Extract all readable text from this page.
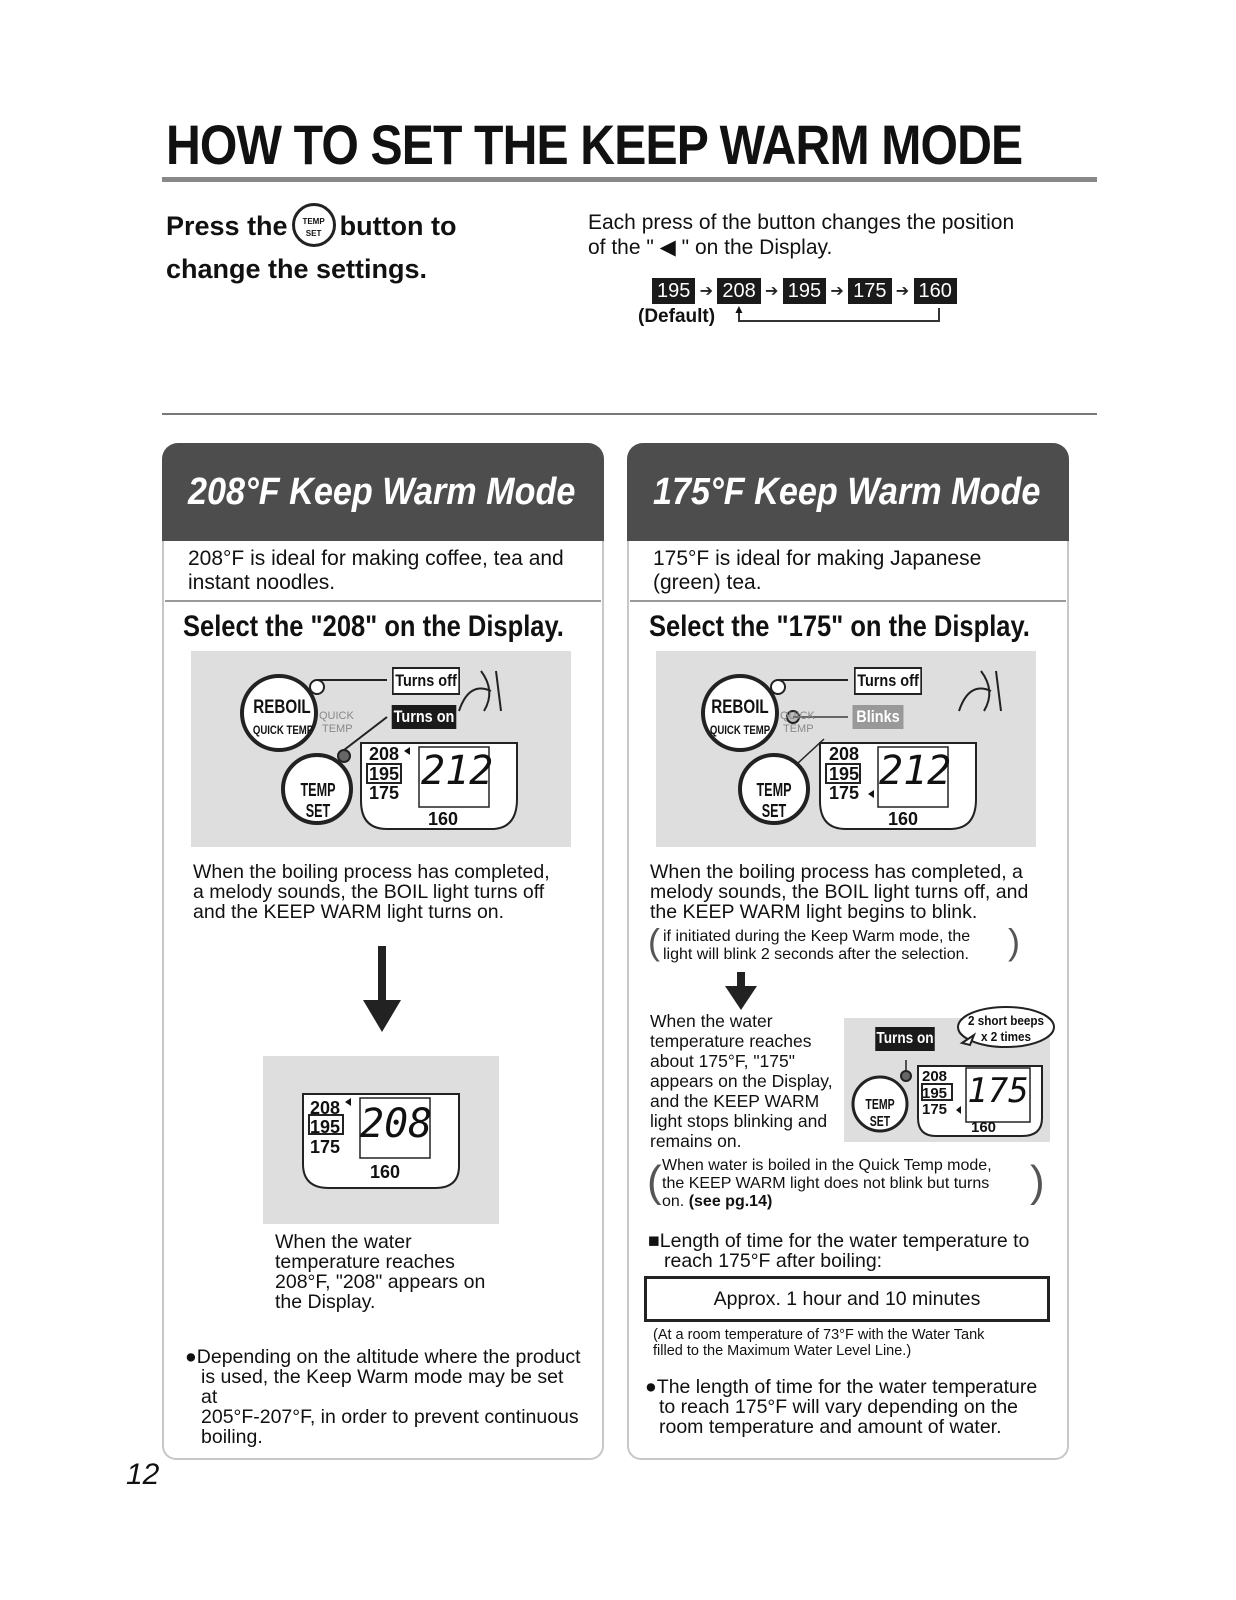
HOW TO SET THE KEEP WARM MODE
Press the TEMP SET button to
change the settings.
Each press of the button changes the position
of the " ◀ " on the Display.
195 ➔ 208 ➔ 195 ➔ 175 ➔ 160
(Default) ▲
208°F Keep Warm Mode
208°F is ideal for making coffee, tea and
instant noodles.
Select the "208" on the Display.
REBOIL
QUICK TEMP
QUICK
TEMP
TEMP SET
Turns off
Turns on
208
195
175
160
212
When the boiling process has completed,
a melody sounds, the BOIL light turns off
and the KEEP WARM light turns on.
208
195
175
160
208
When the water
temperature reaches
208°F, "208" appears on
the Display.
●Depending on the altitude where the product
is used, the Keep Warm mode may be set at
205°F-207°F, in order to prevent continuous
boiling.
175°F Keep Warm Mode
175°F is ideal for making Japanese
(green) tea.
Select the "175" on the Display.
REBOIL
QUICK TEMP
QUICK
TEMP
TEMP SET
Turns off
Blinks
208
195
175
160
212
When the boiling process has completed, a
melody sounds, the BOIL light turns off, and
the KEEP WARM light begins to blink.
( if initiated during the Keep Warm mode, the
light will blink 2 seconds after the selection.	)
When the water
temperature reaches
about 175°F, "175"
appears on the Display,
and the KEEP WARM
light stops blinking and
remains on.
Turns on
2 short beeps
x 2 times
TEMP SET
208
195
175
160
175
( When water is boiled in the Quick Temp mode,
the KEEP WARM light does not blink but turns
on. (see pg.14)	)
■Length of time for the water temperature to
reach 175°F after boiling:
Approx. 1 hour and 10 minutes
(At a room temperature of 73°F with the Water Tank
filled to the Maximum Water Level Line.)
●The length of time for the water temperature
to reach 175°F will vary depending on the
room temperature and amount of water.
12
